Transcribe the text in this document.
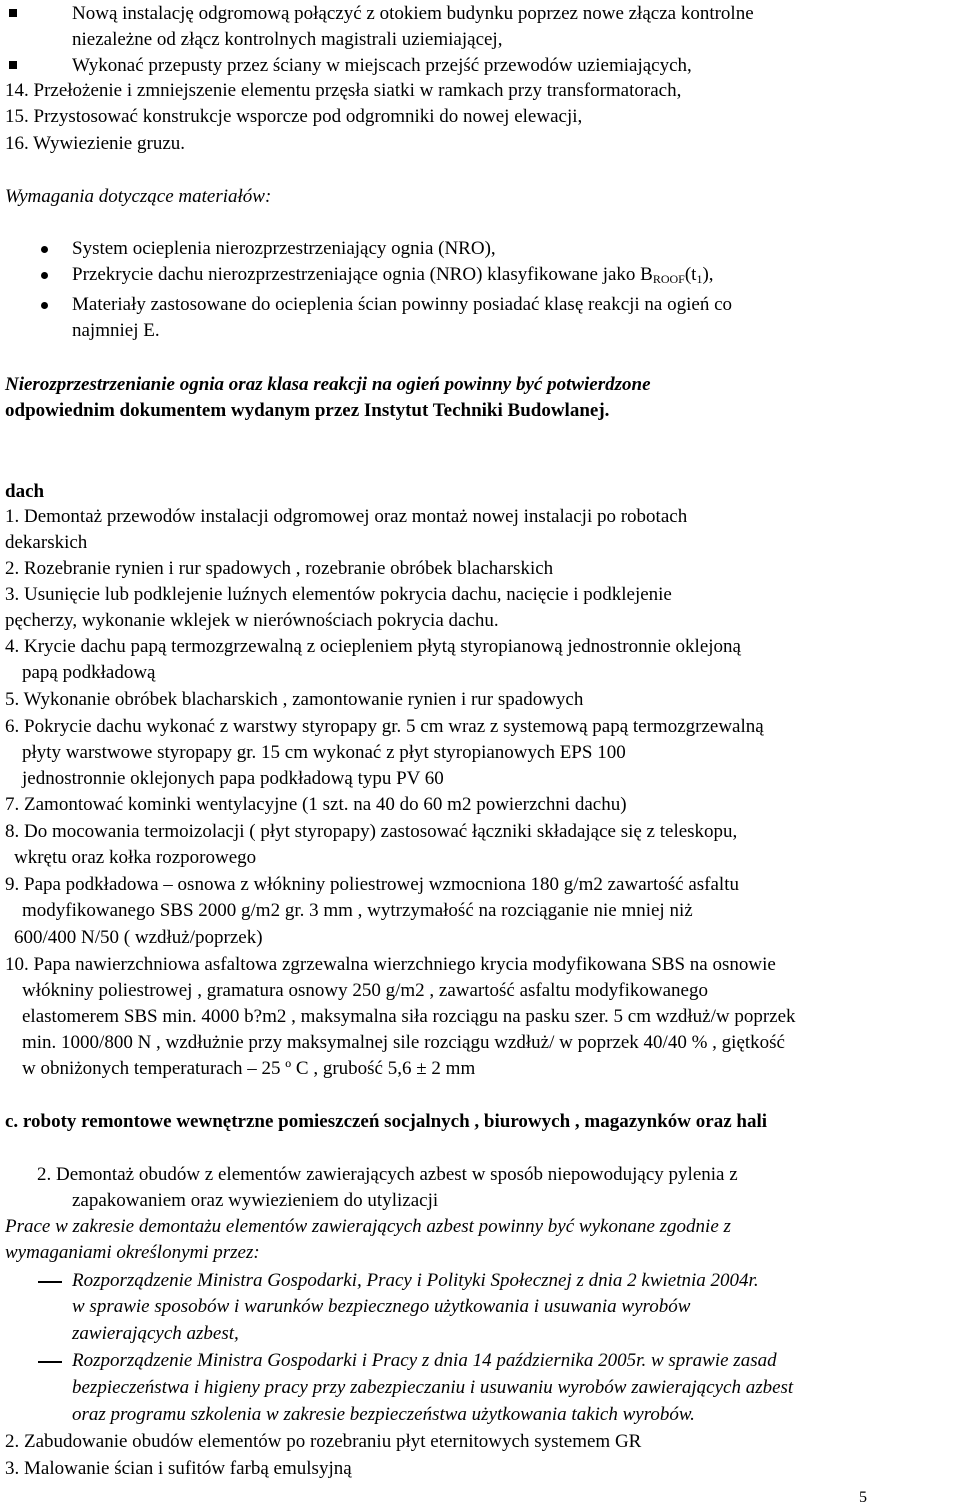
Nową instalację odgromową połączyć z otokiem budynku poprzez nowe złącza kontrolne
niezależne od złącz kontrolnych magistrali uziemiającej,
Wykonać przepusty przez ściany w miejscach przejść przewodów uziemiających,
14. Przełożenie i zmniejszenie elementu przęsła siatki w ramkach przy transformatorach,
15. Przystosować konstrukcje wsporcze pod odgromniki do nowej elewacji,
16. Wywiezienie gruzu.
Wymagania dotyczące materiałów:
System ocieplenia nierozprzestrzeniający ognia (NRO),
Przekrycie dachu nierozprzestrzeniające ognia (NRO) klasyfikowane jako $B_{ROOF}(t_1)$,
Materiały zastosowane do ocieplenia ścian powinny posiadać klasę reakcji na ogień co
najmniej E.
Nierozprzestrzenianie ognia oraz klasa reakcji na ogień powinny być potwierdzone
odpowiednim dokumentem wydanym przez Instytut Techniki Budowlanej.
dach
1. Demontaż przewodów instalacji odgromowej oraz montaż nowej instalacji po robotach
dekarskich
2. Rozebranie rynien i rur spadowych , rozebranie obróbek blacharskich
3. Usunięcie lub podklejenie luźnych elementów pokrycia dachu, nacięcie i podklejenie
pęcherzy, wykonanie wklejek w nierównościach pokrycia dachu.
4. Krycie dachu papą termozgrzewalną z ociepleniem płytą styropianową jednostronnie oklejoną
papą podkładową
5. Wykonanie obróbek blacharskich , zamontowanie rynien i rur spadowych
6. Pokrycie dachu wykonać z warstwy styropapy gr. 5 cm wraz z systemową papą termozgrzewalną
płyty warstwowe styropapy gr. 15 cm wykonać z płyt styropianowych EPS 100
jednostronnie oklejonych papa podkładową typu PV 60
7. Zamontować kominki wentylacyjne (1 szt. na 40 do 60 m2 powierzchni dachu)
8. Do mocowania termoizolacji ( płyt styropapy) zastosować łączniki składające się z teleskopu,
wkrętu oraz kołka rozporowego
9. Papa podkładowa – osnowa z włókniny poliestrowej wzmocniona 180 g/m2 zawartość asfaltu
modyfikowanego SBS 2000 g/m2 gr. 3 mm , wytrzymałość na rozciąganie nie mniej niż
600/400 N/50 ( wzdłuż/poprzek)
10. Papa nawierzchniowa asfaltowa zgrzewalna wierzchniego krycia modyfikowana SBS na osnowie
włókniny poliestrowej , gramatura osnowy 250 g/m2 , zawartość asfaltu modyfikowanego
elastomerem SBS min. 4000 b?m2 , maksymalna siła rozciągu na pasku szer. 5 cm wzdłuż/w poprzek
min. 1000/800 N , wzdłużnie przy maksymalnej sile rozciągu wzdłuż/ w poprzek 40/40 % , giętkość
w obniżonych temperaturach – 25 º C , grubość 5,6 ± 2 mm
c. roboty remontowe wewnętrzne pomieszczeń socjalnych , biurowych , magazynków oraz hali
2. Demontaż obudów z elementów zawierających azbest w sposób niepowodujący pylenia z
zapakowaniem oraz wywiezieniem do utylizacji
Prace w zakresie demontażu elementów zawierających azbest powinny być wykonane zgodnie z
wymaganiami określonymi przez:
Rozporządzenie Ministra Gospodarki, Pracy i Polityki Społecznej z dnia 2 kwietnia 2004r.
w sprawie sposobów i warunków bezpiecznego użytkowania i usuwania wyrobów
zawierających azbest,
Rozporządzenie Ministra Gospodarki i Pracy z dnia 14 października 2005r. w sprawie zasad
bezpieczeństwa i higieny pracy przy zabezpieczaniu i usuwaniu wyrobów zawierających azbest
oraz programu szkolenia w zakresie bezpieczeństwa użytkowania takich wyrobów.
2. Zabudowanie obudów elementów po rozebraniu płyt eternitowych systemem GR
3. Malowanie ścian i sufitów farbą emulsyjną
5
